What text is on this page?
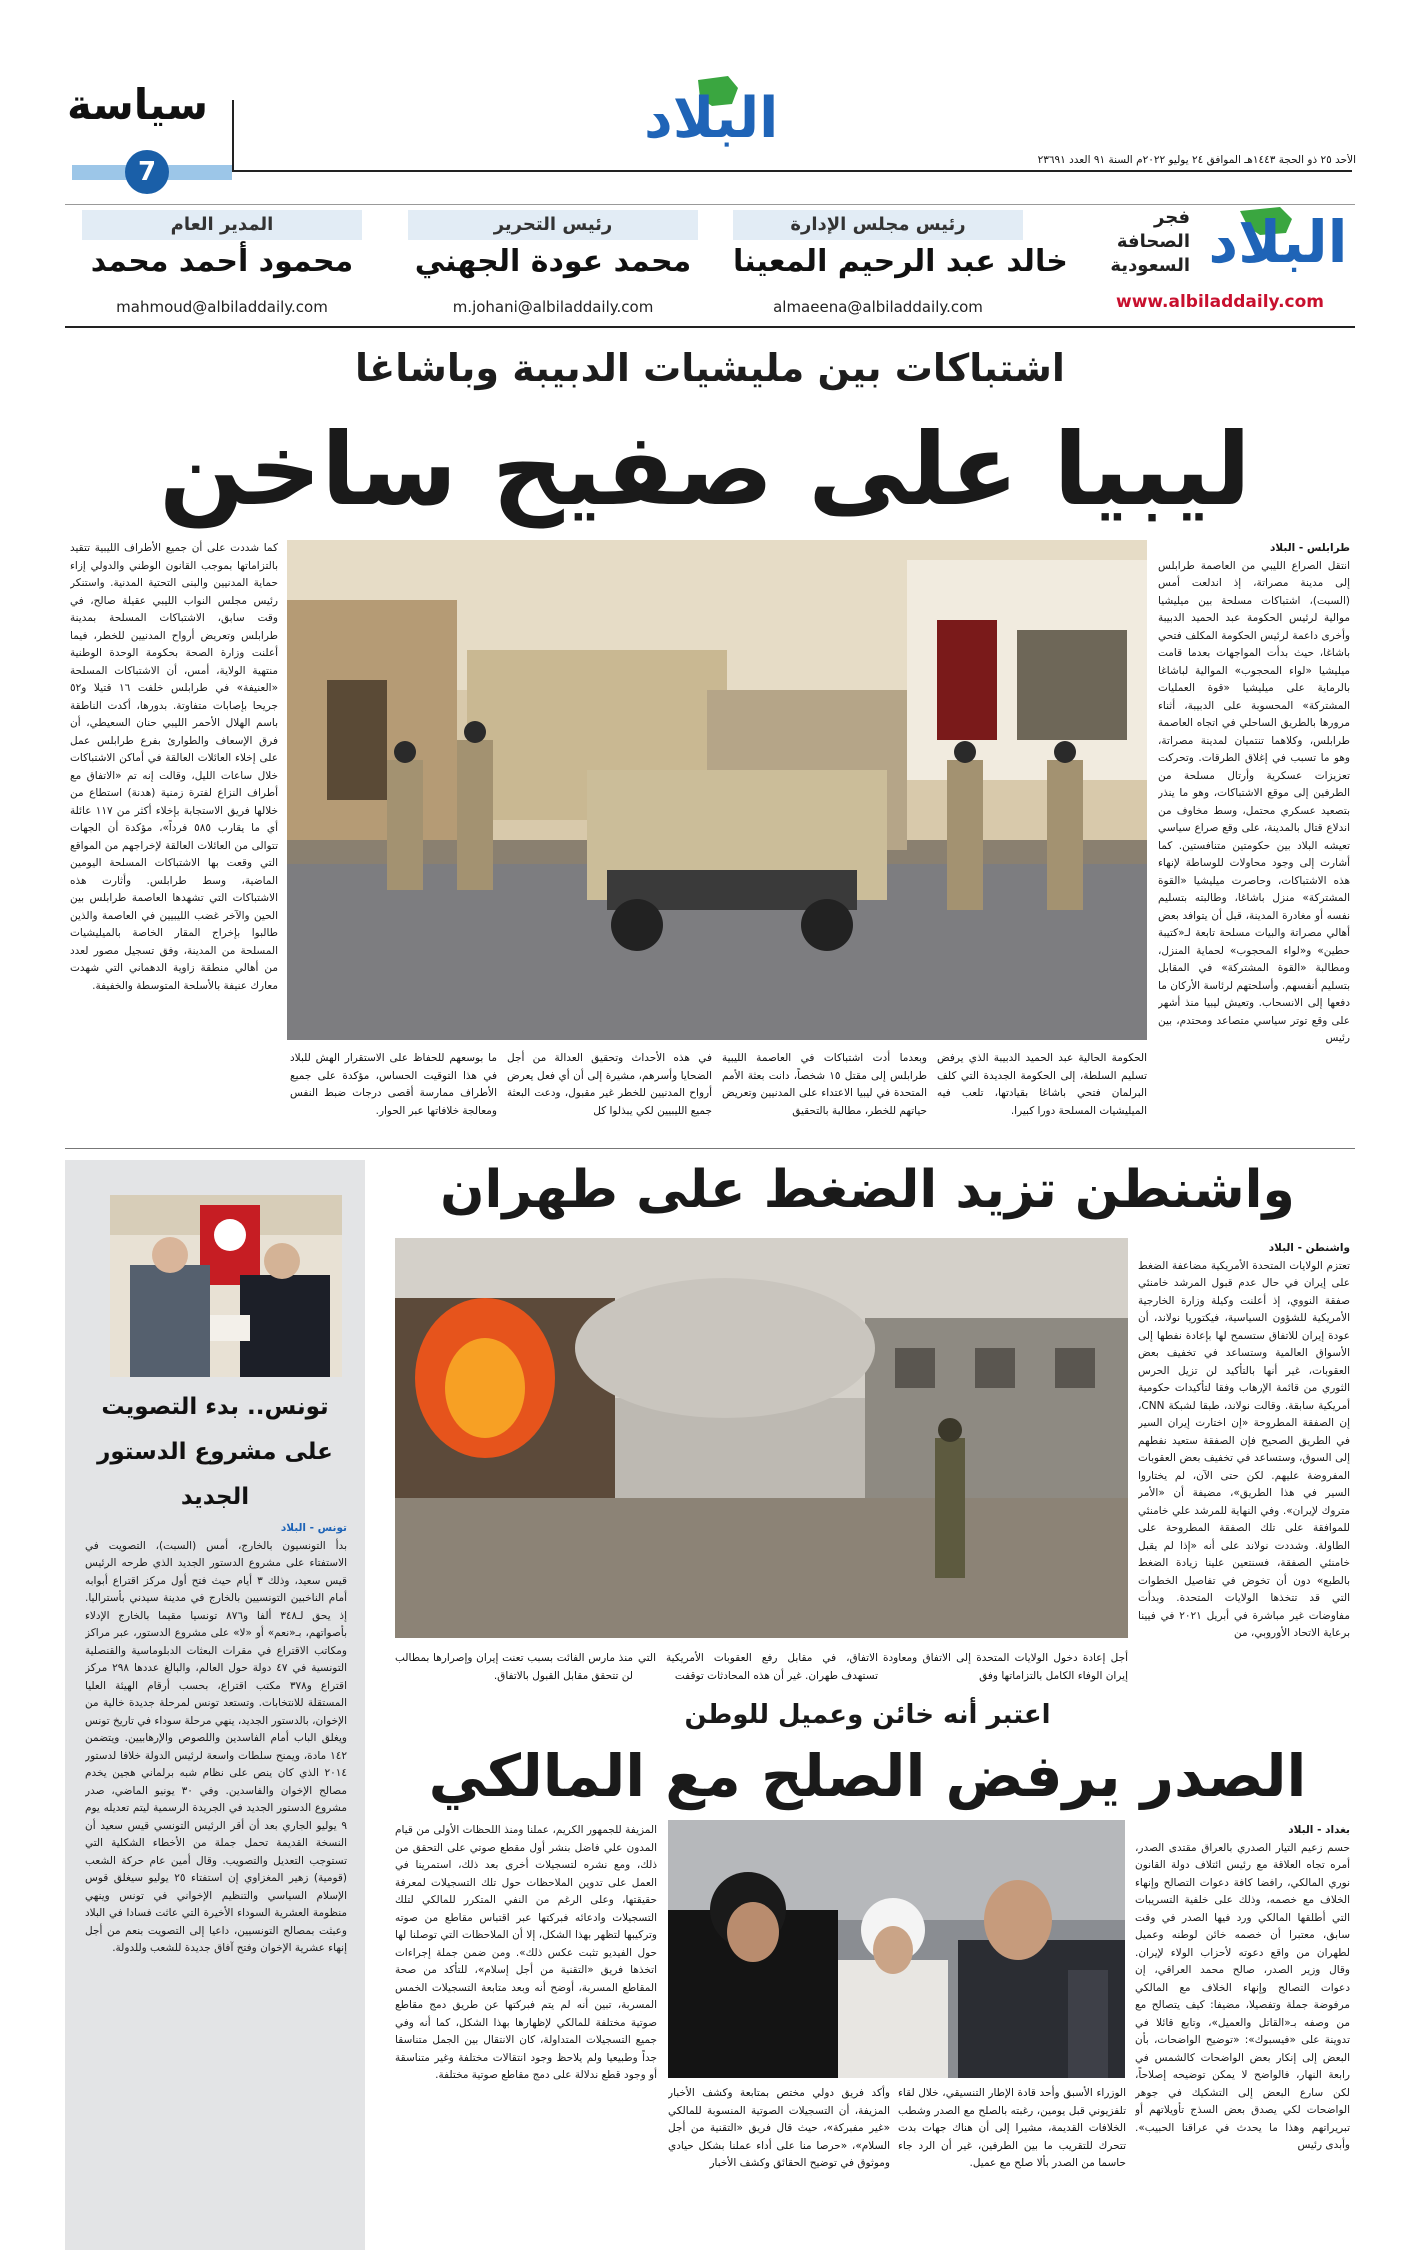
البلاد
سياسة
7	الأحد ٢٥ ذو الحجة ١٤٤٣هـ الموافق ٢٤ يوليو ٢٠٢٢م السنة ٩١ العدد ٢٣٦٩١
البلاد
فجر الصحافة السعودية
www.albiladdaily.com
رئيس مجلس الإدارة
خالد عبد الرحيم المعينا
almaeena@albiladdaily.com
رئيس التحرير
محمد عودة الجهني
m.johani@albiladdaily.com
المدير العام
محمود أحمد محمد
mahmoud@albiladdaily.com
اشتباكات بين مليشيات الدبيبة وباشاغا
ليبيا على صفيح ساخن
طرابلس - البلاد
انتقل الصراع الليبي من العاصمة طرابلس إلى مدينة مصراتة، إذ اندلعت أمس (السبت)، اشتباكات مسلحة بين ميليشيا موالية لرئيس الحكومة عبد الحميد الدبيبة وأخرى داعمة لرئيس الحكومة المكلف فتحي باشاغا، حيث بدأت المواجهات بعدما قامت ميليشيا «لواء المحجوب» الموالية لباشاغا بالرماية على ميليشيا «قوة العمليات المشتركة» المحسوبة على الدبيبة، أثناء مرورها بالطريق الساحلي في اتجاه العاصمة طرابلس، وكلاهما تنتميان لمدينة مصراتة، وهو ما تسبب في إغلاق الطرقات. وتحركت تعزيزات عسكرية وأرتال مسلحة من الطرفين إلى موقع الاشتباكات، وهو ما ينذر بتصعيد عسكري محتمل، وسط مخاوف من اندلاع قتال بالمدينة، على وقع صراع سياسي تعيشه البلاد بين حكومتين متنافستين. كما أشارت إلى وجود محاولات للوساطة لإنهاء هذه الاشتباكات، وحاصرت ميليشيا «القوة المشتركة» منزل باشاغا، وطالبته بتسليم نفسه أو مغادرة المدينة، قبل أن يتوافد بعض أهالي مصراتة والبيات مسلحة تابعة لـ«كتيبة حطين» و«لواء المحجوب» لحماية المنزل، ومطالبة «القوة المشتركة» في المقابل بتسليم أنفسهم. وأسلحتهم لرئاسة الأركان ما دفعها إلى الانسحاب. وتعيش ليبيا منذ أشهر على وقع توتر سياسي متصاعد ومحتدم، بين رئيس
كما شددت على أن جميع الأطراف الليبية تتقيد بالتزاماتها بموجب القانون الوطني والدولي إزاء حماية المدنيين والبنى التحتية المدنية. واستنكر رئيس مجلس النواب الليبي عقيلة صالح، في وقت سابق، الاشتباكات المسلحة بمدينة طرابلس وتعريض أرواح المدنيين للخطر، فيما أعلنت وزارة الصحة بحكومة الوحدة الوطنية منتهية الولاية، أمس، أن الاشتباكات المسلحة «العنيفة» في طرابلس خلفت ١٦ قتيلا و٥٢ جريحا بإصابات متفاوتة. بدورها، أكدت الناطقة باسم الهلال الأحمر الليبي حنان السعيطي، أن فرق الإسعاف والطوارئ بفرع طرابلس عمل على إخلاء العائلات العالقة في أماكن الاشتباكات خلال ساعات الليل، وقالت إنه تم «الاتفاق مع أطراف النزاع لفترة زمنية (هدنة) استطاع من خلالها فريق الاستجابة بإخلاء أكثر من ١١٧ عائلة أي ما يقارب ٥٨٥ فرداً»، مؤكدة أن الجهات تتوالى من العائلات العالقة لإخراجهم من المواقع التي وقعت بها الاشتباكات المسلحة اليومين الماضية، وسط طرابلس. وأثارت هذه الاشتباكات التي تشهدها العاصمة طرابلس بين الحين والآخر غضب الليبيين في العاصمة والذين طالبوا بإخراج المقار الخاصة بالميليشيات المسلحة من المدينة، وفق تسجيل مصور لعدد من أهالي منطقة زاوية الدهماني التي شهدت معارك عنيفة بالأسلحة المتوسطة والخفيفة.
الحكومة الحالية عبد الحميد الدبيبة الذي يرفض تسليم السلطة، إلى الحكومة الجديدة التي كلف البرلمان فتحي باشاغا بقيادتها، تلعب فيه الميليشيات المسلحة دورا كبيرا.
وبعدما أدت اشتباكات في العاصمة الليبية طرابلس إلى مقتل ١٥ شخصاً، دانت بعثة الأمم المتحدة في ليبيا الاعتداء على المدنيين وتعريض حياتهم للخطر، مطالبة بالتحقيق
في هذه الأحداث وتحقيق العدالة من أجل الضحايا وأسرهم، مشيرة إلى أن أي فعل يعرض أرواح المدنيين للخطر غير مقبول، ودعت البعثة جميع الليبيين لكي يبذلوا كل
ما بوسعهم للحفاظ على الاستقرار الهش للبلاد في هذا التوقيت الحساس، مؤكدة على جميع الأطراف ممارسة أقصى درجات ضبط النفس ومعالجة خلافاتها عبر الحوار.
تونس.. بدء التصويت على مشروع الدستور الجديد
تونس - البلاد
بدأ التونسيون بالخارج، أمس (السبت)، التصويت في الاستفتاء على مشروع الدستور الجديد الذي طرحه الرئيس قيس سعيد، وذلك ٣ أيام حيث فتح أول مركز اقتراع أبوابه أمام الناخبين التونسيين بالخارج في مدينة سيدني بأستراليا. إذ يحق لـ٣٤٨ ألفا و٨٧٦ تونسيا مقيما بالخارج الإدلاء بأصواتهم، بـ«نعم» أو «لا» على مشروع الدستور، عبر مراكز ومكاتب الاقتراع في مقرات البعثات الدبلوماسية والقنصلية التونسية في ٤٧ دولة حول العالم، والبالغ عددها ٢٩٨ مركز اقتراع و٣٧٨ مكتب اقتراع، بحسب أرقام الهيئة العليا المستقلة للانتخابات. وتستعد تونس لمرحلة جديدة خالية من الإخوان، بالدستور الجديد، ينهي مرحلة سوداء في تاريخ تونس ويغلق الباب أمام الفاسدين واللصوص والإرهابيين. ويتضمن ١٤٢ مادة، ويمنح سلطات واسعة لرئيس الدولة خلافا لدستور ٢٠١٤ الذي كان ينص على نظام شبه برلماني هجين يخدم مصالح الإخوان والفاسدين. وفي ٣٠ يونيو الماضي، صدر مشروع الدستور الجديد في الجريدة الرسمية ليتم تعديله يوم ٩ يوليو الجاري بعد أن أقر الرئيس التونسي قيس سعيد أن النسخة القديمة تحمل جملة من الأخطاء الشكلية التي تستوجب التعديل والتصويب. وقال أمين عام حركة الشعب (قومية) زهير المغزاوي إن استفتاء ٢٥ يوليو سيغلق قوس الإسلام السياسي والتنظيم الإخواني في تونس وينهي منظومة العشرية السوداء الأخيرة التي عاثت فسادا في البلاد وعبثت بمصالح التونسيين، داعيا إلى التصويت بنعم من أجل إنهاء عشرية الإخوان وفتح آفاق جديدة للشعب وللدولة.
واشنطن تزيد الضغط على طهران
واشنطن - البلاد
تعتزم الولايات المتحدة الأمريكية مضاعفة الضغط على إيران في حال عدم قبول المرشد خامنئي صفقة النووي، إذ أعلنت وكيلة وزارة الخارجية الأمريكية للشؤون السياسية، فيكتوريا نولاند، أن عودة إيران للاتفاق ستسمح لها بإعادة نفطها إلى الأسواق العالمية وستساعد في تخفيف بعض العقوبات، غير أنها بالتأكيد لن تزيل الحرس الثوري من قائمة الإرهاب وفقا لتأكيدات حكومية أمريكية سابقة. وقالت نولاند، طبقا لشبكة CNN، إن الصفقة المطروحة «إن اختارت إيران السير في الطريق الصحيح فإن الصفقة ستعيد نفطهم إلى السوق، وستساعد في تخفيف بعض العقوبات المفروضة عليهم. لكن حتى الآن، لم يختاروا السير في هذا الطريق»، مضيفة أن «الأمر متروك لإيران». وفي النهاية للمرشد علي خامنئي للموافقة على تلك الصفقة المطروحة على الطاولة. وشددت نولاند على أنه «إذا لم يقبل خامنئي الصفقة، فسنتعين علينا زيادة الضغط بالطبع» دون أن تخوض في تفاصيل الخطوات التي قد تتخذها الولايات المتحدة. وبدأت مفاوضات غير مباشرة في أبريل ٢٠٢١ في فيينا برعاية الاتحاد الأوروبي، من
أجل إعادة دخول الولايات المتحدة إلى الاتفاق ومعاودة إيران الوفاء الكامل بالتزاماتها وفق
الاتفاق، في مقابل رفع العقوبات الأمريكية التي تستهدف طهران. غير أن هذه المحادثات توقفت
منذ مارس الفائت بسبب تعنت إيران وإصرارها بمطالب لن تتحقق مقابل القبول بالاتفاق.
اعتبر أنه خائن وعميل للوطن
الصدر يرفض الصلح مع المالكي
بغداد - البلاد
حسم زعيم التيار الصدري بالعراق مقتدى الصدر، أمره تجاه العلاقة مع رئيس ائتلاف دولة القانون نوري المالكي، رافضا كافة دعوات التصالح وإنهاء الخلاف مع خصمه، وذلك على خلفية التسريبات التي أطلقها المالكي ورد فيها الصدر في وقت سابق، معتبرا أن خصمه خائن لوطنه وعميل لطهران من واقع دعوته لأحزاب الولاء لإيران. وقال وزير الصدر، صالح محمد العراقي، إن دعوات التصالح وإنهاء الخلاف مع المالكي مرفوضة جملة وتفصيلا، مضيفا: كيف يتصالح مع من وصفه بـ«القاتل والعميل»، وتابع قائلا في تدوينة على «فيسبوك»: «توضيح الواضحات، بأن البعض إلى إنكار بعض الواضحات كالشمس في رابعة النهار، فالواضح لا يمكن توضيحه إصلاحاً، لكن سارع البعض إلى التشكيك في جوهر الواضحات لكي يصدق بعض السذج تأويلاتهم أو تبريراتهم وهذا ما يحدث في عراقنا الحبيب». وأبدى رئيس
الوزراء الأسبق وأحد قادة الإطار التنسيقي، خلال لقاء تلفزيوني قبل يومين، رغبته بالصلح مع الصدر وشطب الخلافات القديمة، مشيرا إلى أن هناك جهات بدت تتحرك للتقريب ما بين الطرفين، غير أن الرد جاء حاسما من الصدر بألا صلح مع عميل.
وأكد فريق دولي مختص بمتابعة وكشف الأخبار المزيفة، أن التسجيلات الصوتية المنسوبة للمالكي «غير مفبركة»، حيث قال فريق «التقنية من أجل السلام»، «حرصا منا على أداء عملنا بشكل حيادي وموثوق في توضيح الحقائق وكشف الأخبار
المزيفة للجمهور الكريم، عملنا ومنذ اللحظات الأولى من قيام المدون علي فاضل بنشر أول مقطع صوتي على التحقق من ذلك، ومع نشره لتسجيلات أخرى بعد ذلك، استمرينا في العمل على تدوين الملاحظات حول تلك التسجيلات لمعرفة حقيقتها، وعلى الرغم من النفي المتكرر للمالكي لتلك التسجيلات وادعائه فبركتها عبر اقتباس مقاطع من صوته وتركيبها لتظهر بهذا الشكل، إلا أن الملاحظات التي توصلنا لها حول الفيديو تثبت عكس ذلك». ومن ضمن جملة إجراءات اتخذها فريق «التقنية من أجل إسلام»، للتأكد من صحة المقاطع المسربة، أوضح أنه وبعد متابعة التسجيلات الخمس المسربة، تبين أنه لم يتم فبركتها عن طريق دمج مقاطع صوتية مختلفة للمالكي لإظهارها بهذا الشكل، كما أنه وفي جميع التسجيلات المتداولة، كان الانتقال بين الجمل متناسقا جداً وطبيعيا ولم يلاحظ وجود انتقالات مختلفة وغير متناسقة أو وجود قطع ندلالة على دمج مقاطع صوتية مختلفة.
